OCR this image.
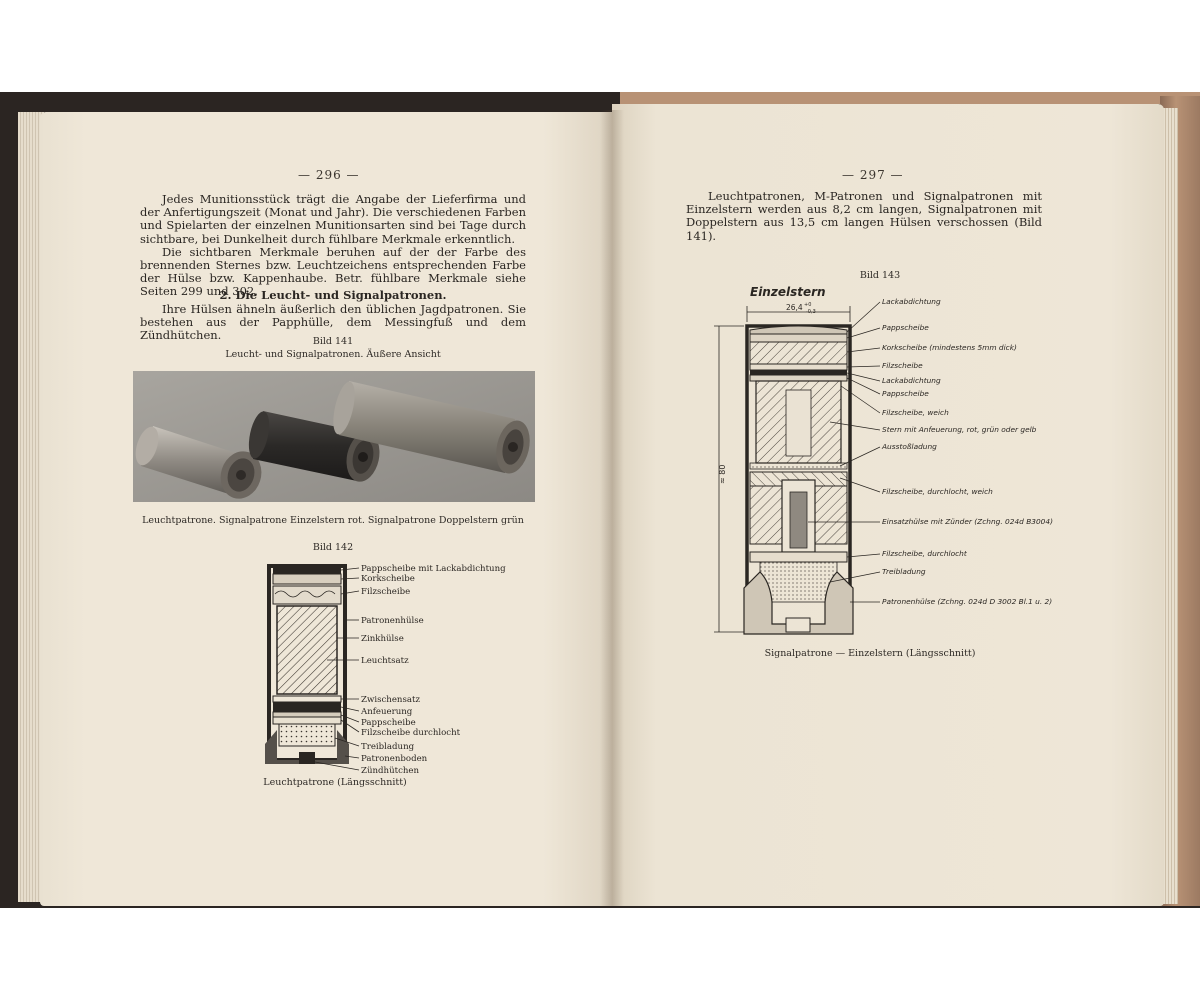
— 296 —

Jedes Munitionsstück trägt die Angabe der Lieferfirma und der Anfertigungszeit (Monat und Jahr). Die verschiedenen Farben und Spielarten der einzelnen Munitionsarten sind bei Tage durch sichtbare, bei Dunkelheit durch fühlbare Merkmale erkenntlich.

Die sichtbaren Merkmale beruhen auf der der Farbe des brennenden Sternes bzw. Leuchtzeichens entsprechenden Farbe der Hülse bzw. Kappenhaube. Betr. fühlbare Merkmale siehe Seiten 299 und 302.

2. Die Leucht- und Signalpatronen.

Ihre Hülsen ähneln äußerlich den üblichen Jagdpatronen. Sie bestehen aus der Papphülle, dem Messingfuß und dem Zündhütchen.	Bild 141
Leucht- und Signalpatronen. Äußere Ansicht
Leuchtpatrone. Signalpatrone Einzelstern rot. Signalpatrone Doppelstern grün
Bild 142
Pappscheibe mit Lackabdichtung
Korkscheibe
Filzscheibe
Patronenhülse
Zinkhülse
Leuchtsatz
Zwischensatz
Anfeuerung
Pappscheibe
Filzscheibe durchlocht
Treibladung
Patronenboden
Zündhütchen
Leuchtpatrone (Längsschnitt)
— 297 —

Leuchtpatronen, M-Patronen und Signalpatronen mit Einzelstern werden aus 8,2 cm langen, Signalpatronen mit Doppelstern aus 13,5 cm langen Hülsen verschossen (Bild 141).

Bild 143
Einzelstern
26,4 +0
-0,3
≈ 80
Lackabdichtung
Pappscheibe
Korkscheibe (mindestens 5mm dick)
Filzscheibe
Lackabdichtung
Pappscheibe
Filzscheibe, weich
Stern mit Anfeuerung, rot, grün oder gelb
Ausstoßladung
Filzscheibe, durchlocht, weich
Einsatzhülse mit Zünder (Zchng. 024d B3004)
Filzscheibe, durchlocht
Treibladung
Patronenhülse (Zchng. 024d D 3002 Bl.1 u. 2)
Signalpatrone — Einzelstern (Längsschnitt)
